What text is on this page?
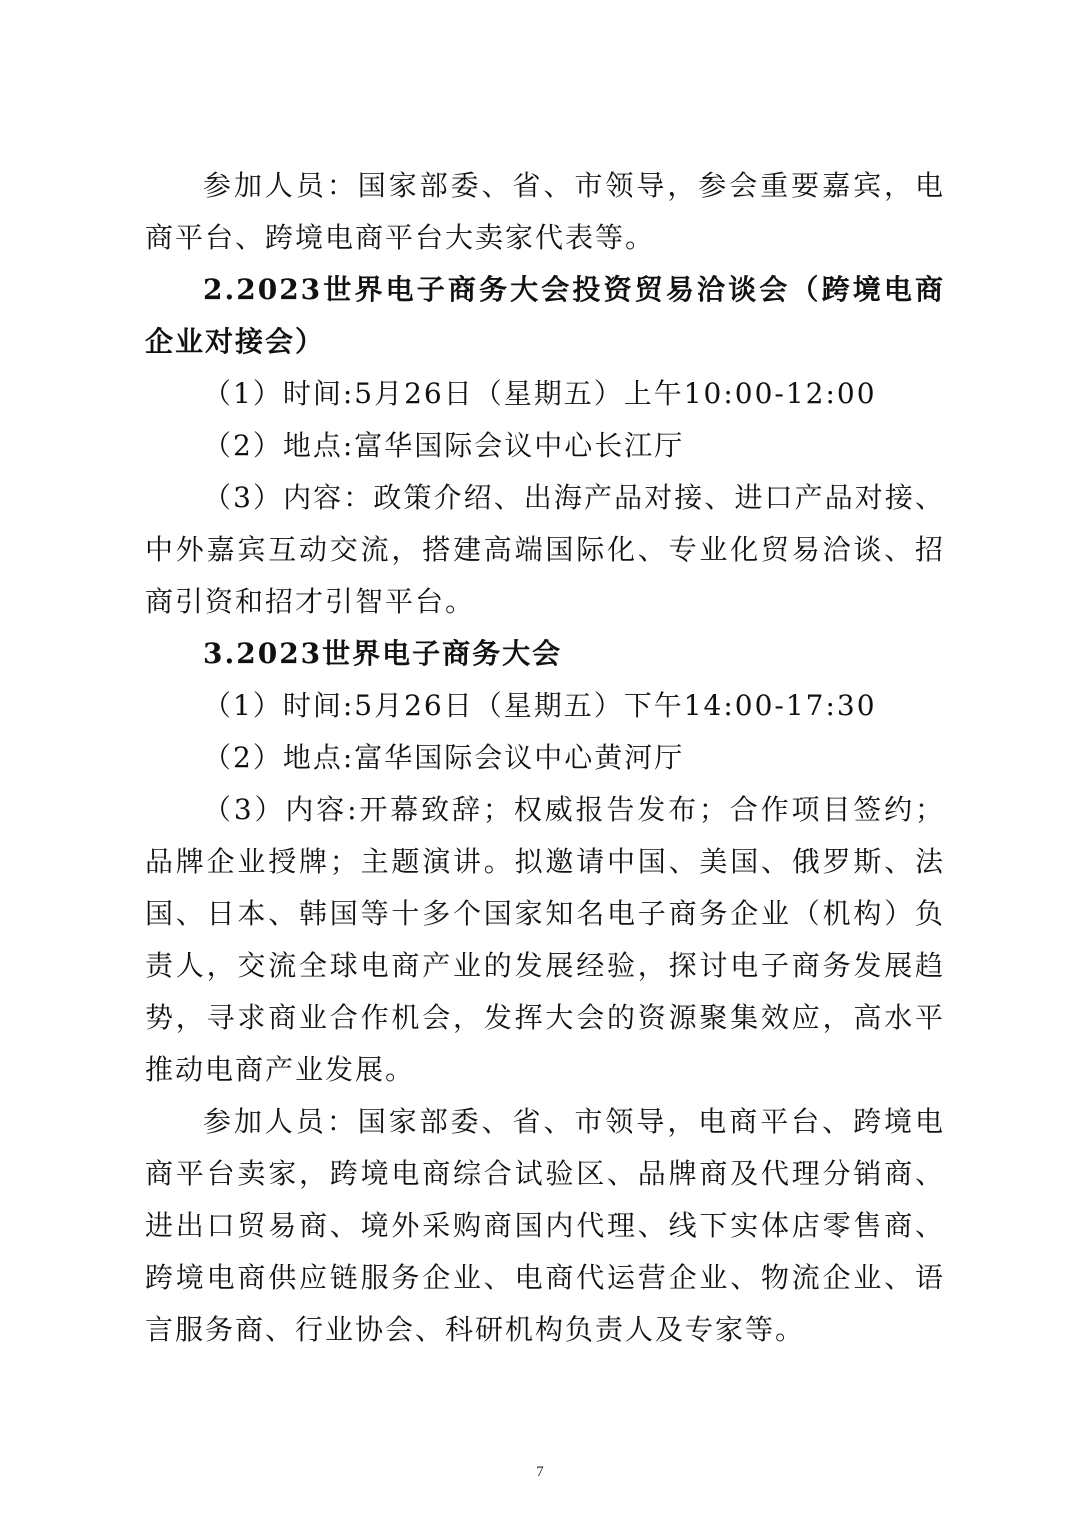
参加人员：国家部委、省、市领导，参会重要嘉宾，电商平台、跨境电商平台大卖家代表等。

2.2023世界电子商务大会投资贸易洽谈会（跨境电商企业对接会）

（1）时间:5月26日（星期五）上午10:00-12:00

（2）地点:富华国际会议中心长江厅

（3）内容：政策介绍、出海产品对接、进口产品对接、中外嘉宾互动交流，搭建高端国际化、专业化贸易洽谈、招商引资和招才引智平台。

3.2023世界电子商务大会

（1）时间:5月26日（星期五）下午14:00-17:30

（2）地点:富华国际会议中心黄河厅

（3）内容:开幕致辞；权威报告发布；合作项目签约；品牌企业授牌；主题演讲。拟邀请中国、美国、俄罗斯、法国、日本、韩国等十多个国家知名电子商务企业（机构）负责人，交流全球电商产业的发展经验，探讨电子商务发展趋势，寻求商业合作机会，发挥大会的资源聚集效应，高水平推动电商产业发展。

参加人员：国家部委、省、市领导，电商平台、跨境电商平台卖家，跨境电商综合试验区、品牌商及代理分销商、进出口贸易商、境外采购商国内代理、线下实体店零售商、跨境电商供应链服务企业、电商代运营企业、物流企业、语言服务商、行业协会、科研机构负责人及专家等。

7
